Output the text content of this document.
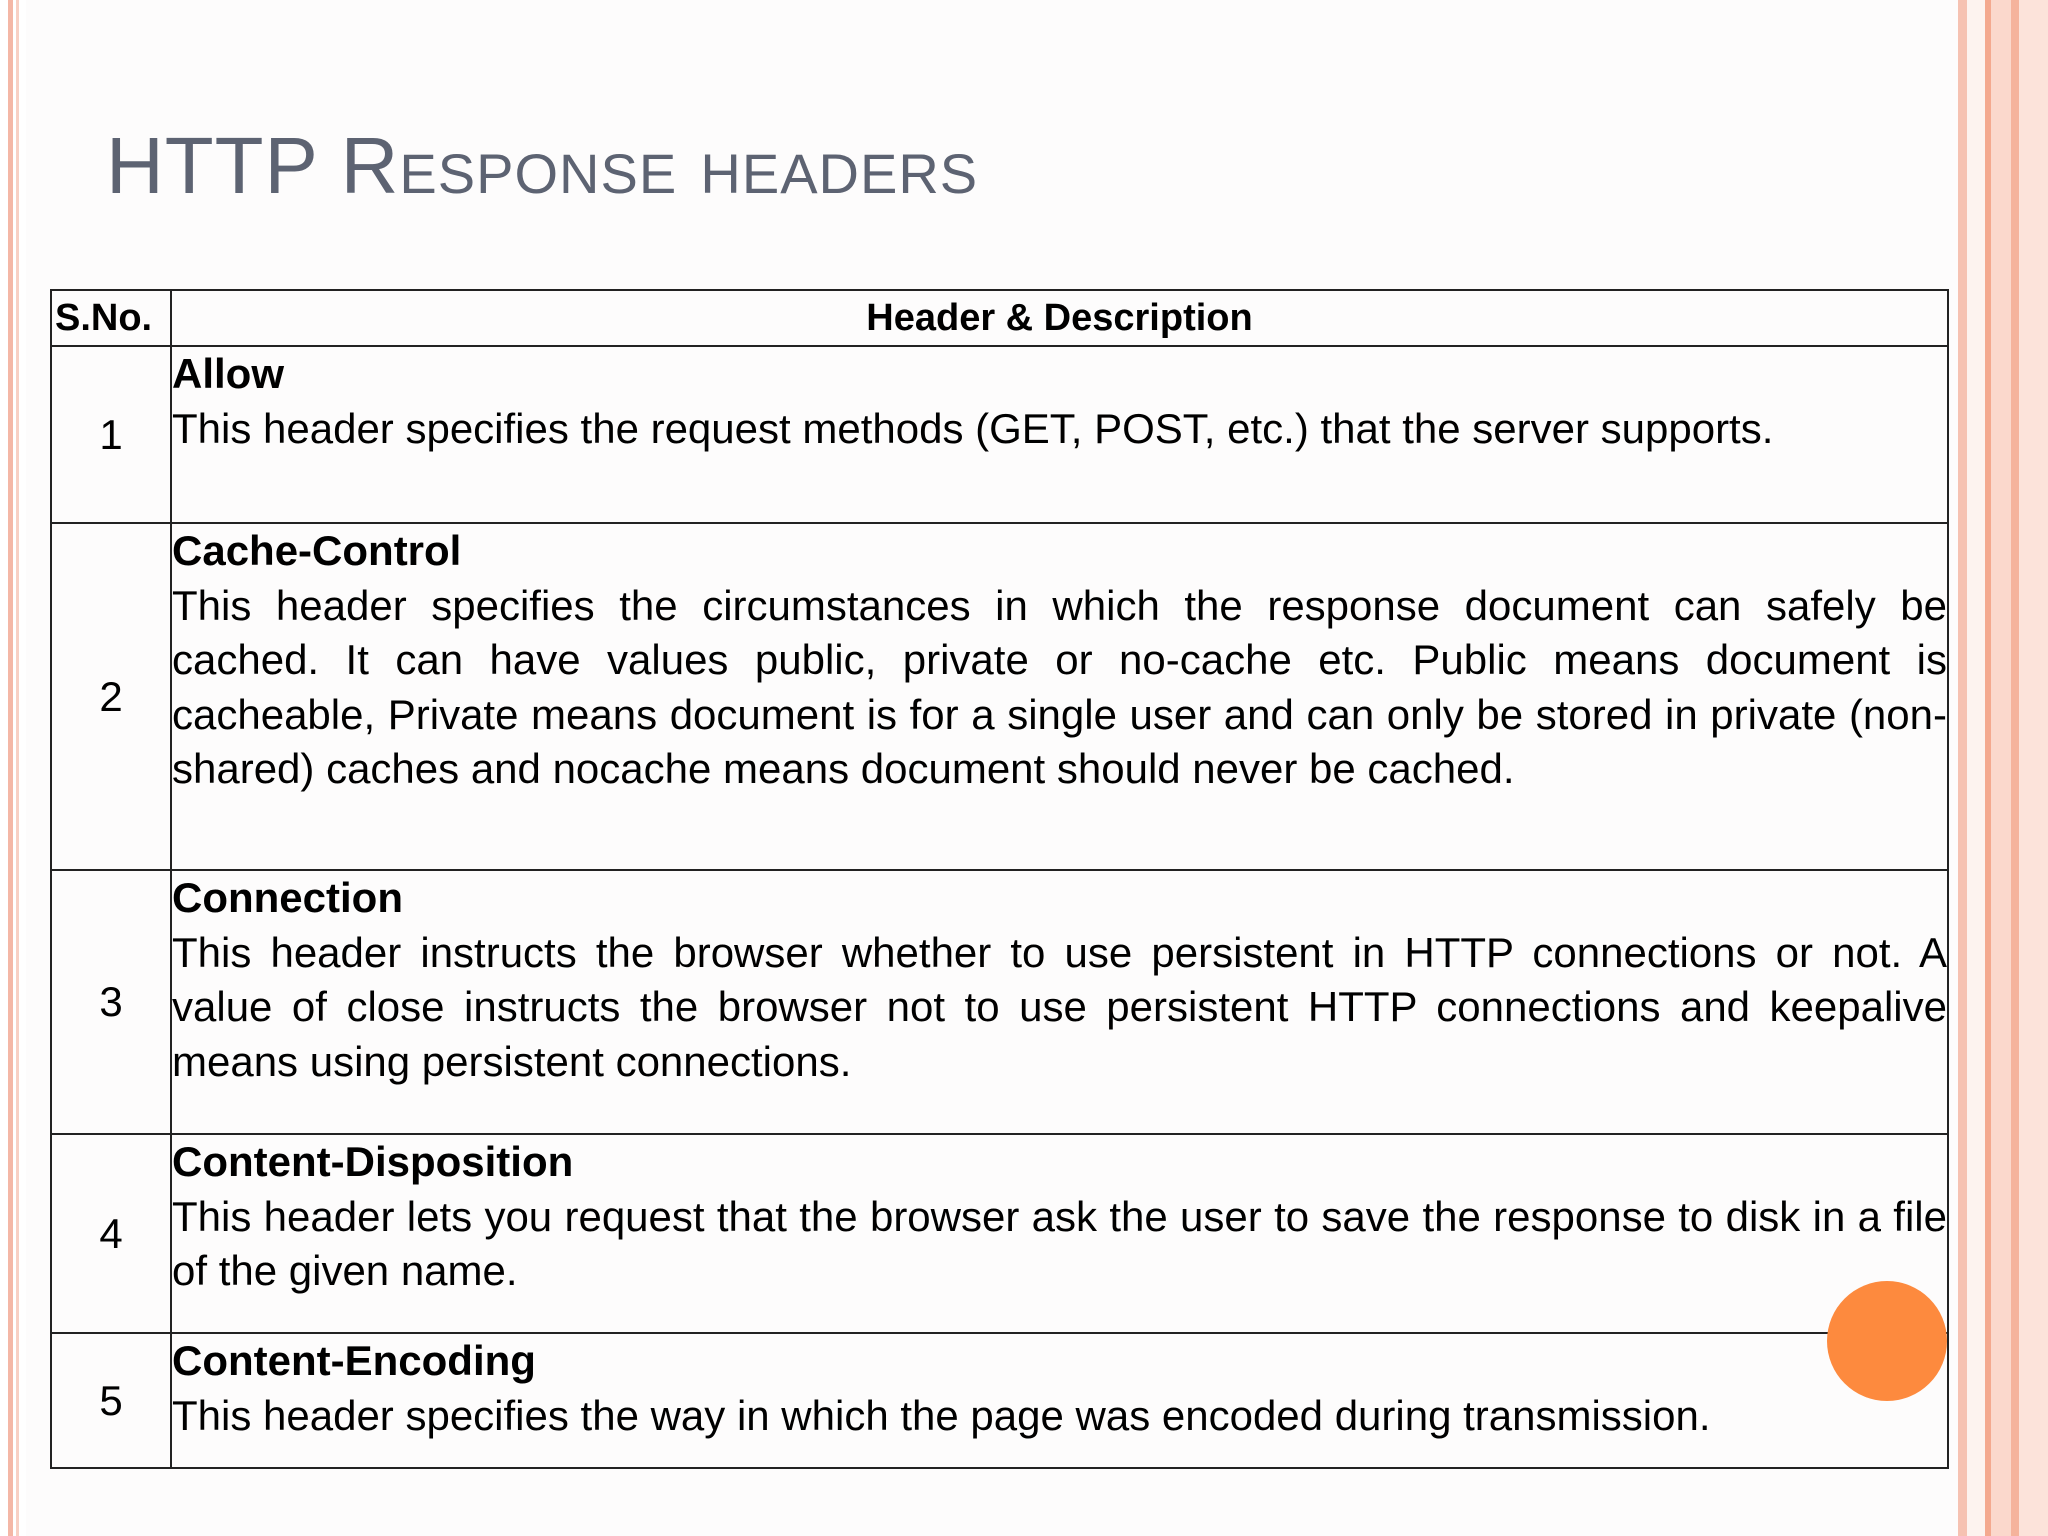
HTTP Response headers
S.No.	Header & Description
1	Allow
This header specifies the request methods (GET, POST, etc.) that the server supports.

2	Cache-Control
This header specifies the circumstances in which the response document can safely be cached. It can have values public, private or no-cache etc. Public means document is cacheable, Private means document is for a single user and can only be stored in private (non-shared) caches and nocache means document should never be cached.

3	Connection
This header instructs the browser whether to use persistent in HTTP connections or not. A value of close instructs the browser not to use persistent HTTP connections and keepalive means using persistent connections.

4	Content-Disposition
This header lets you request that the browser ask the user to save the response to disk in a file of the given name.

5	Content-Encoding
This header specifies the way in which the page was encoded during transmission.
